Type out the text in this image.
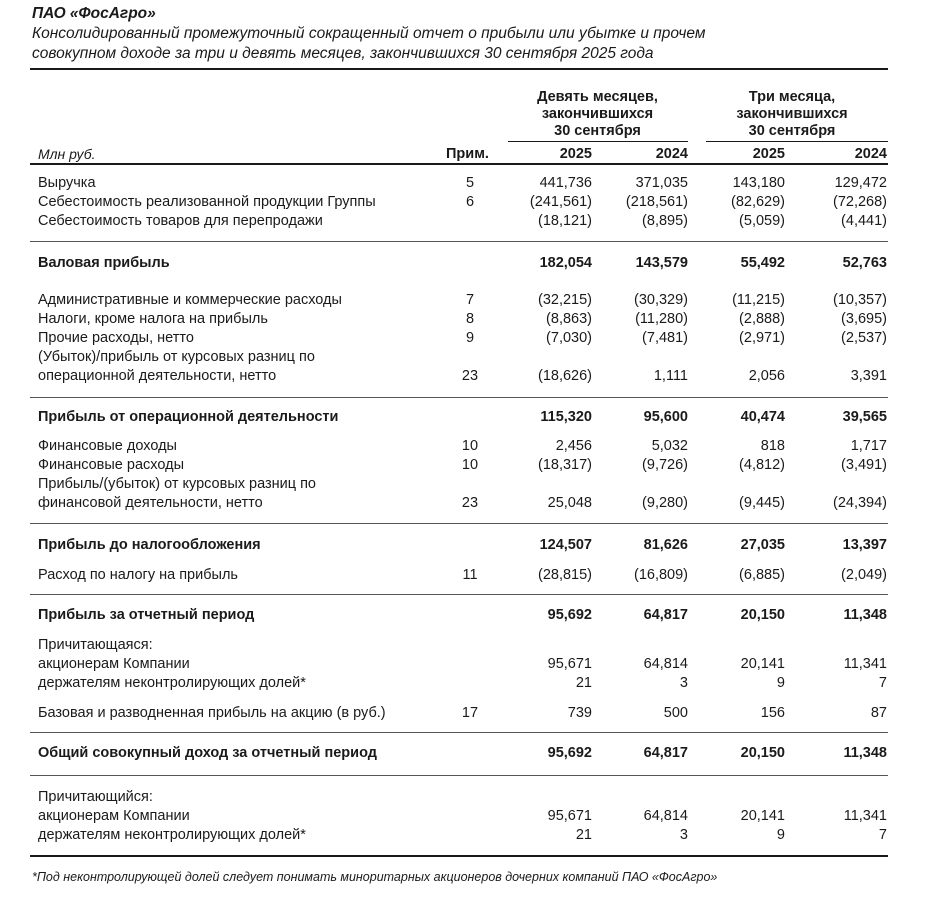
ПАО «ФосАгро»
Консолидированный промежуточный сокращенный отчет о прибыли или убытке и прочем
совокупном доходе за три и девять месяцев, закончившихся 30 сентября 2025 года
Девять месяцев,
закончившихся
30 сентября
Три месяца,
закончившихся
30 сентября
Млн руб.	Прим.	2025	2024	2025	2024
Выручка	5	441,736	371,035	143,180	129,472
Себестоимость реализованной продукции Группы	6	(241,561) (218,561)	(82,629)	(72,268)
Себестоимость товаров для перепродажи	(18,121)	(8,895)	(5,059)	(4,441)
Валовая прибыль	182,054	143,579	55,492	52,763
Административные и коммерческие расходы	7	(32,215)	(30,329)	(11,215)	(10,357)
Налоги, кроме налога на прибыль	8	(8,863)	(11,280)	(2,888)	(3,695)
Прочие расходы, нетто	9	(7,030)	(7,481)	(2,971)	(2,537)
(Убыток)/прибыль от курсовых разниц по
операционной деятельности, нетто	23	(18,626)	1,111	2,056	3,391
Прибыль от операционной деятельности	115,320	95,600	40,474	39,565
Финансовые доходы	10	2,456	5,032	818	1,717
Финансовые расходы	10	(18,317)	(9,726)	(4,812)	(3,491)
Прибыль/(убыток) от курсовых разниц по
финансовой деятельности, нетто	23	25,048	(9,280)	(9,445)	(24,394)
Прибыль до налогообложения	124,507	81,626	27,035	13,397
Расход по налогу на прибыль	11	(28,815)	(16,809)	(6,885)	(2,049)
Прибыль за отчетный период	95,692	64,817	20,150	11,348
Причитающаяся:
акционерам Компании	95,671	64,814	20,141	11,341
держателям неконтролирующих долей*	21	3	9	7
Базовая и разводненная прибыль на акцию (в руб.)	17	739	500	156	87
Общий совокупный доход за отчетный период	95,692	64,817	20,150	11,348
Причитающийся:
акционерам Компании	95,671	64,814	20,141	11,341
держателям неконтролирующих долей*	21	3	9	7
*Под неконтролирующей долей следует понимать миноритарных акционеров дочерних компаний ПАО «ФосАгро»
